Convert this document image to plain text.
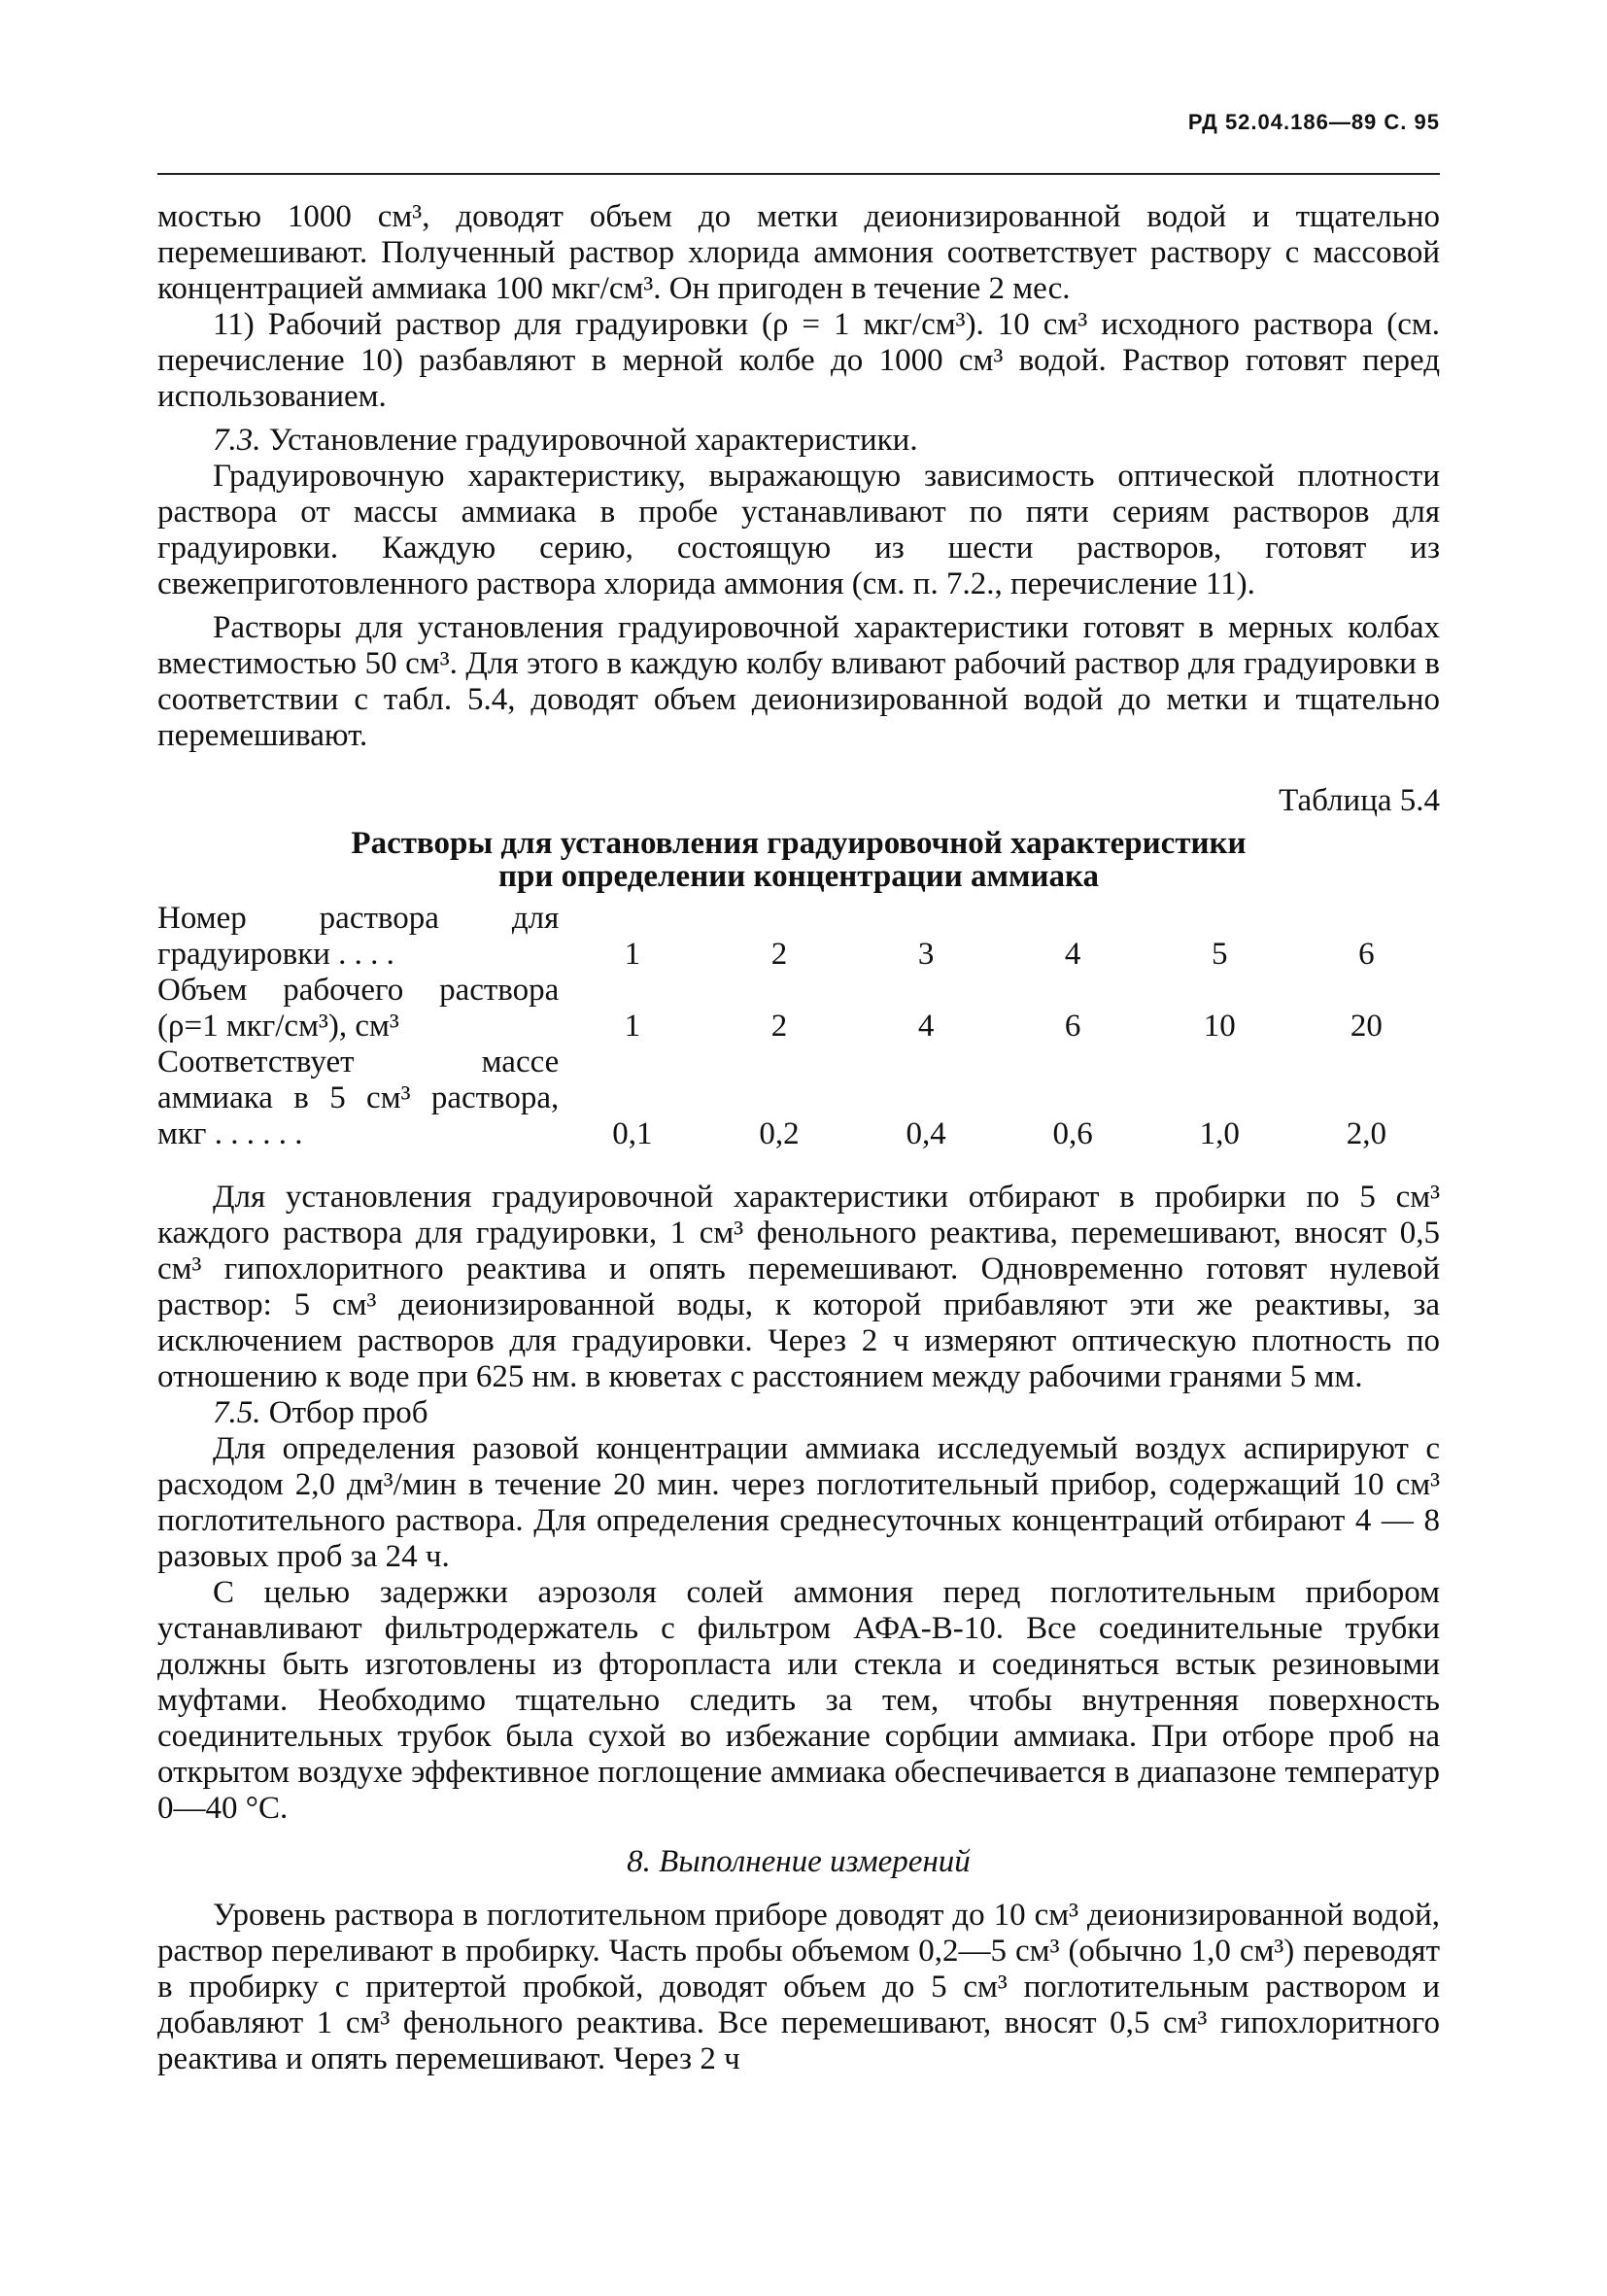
РД 52.04.186—89 С. 95

мостью 1000 см³, доводят объем до метки деионизированной водой и тщательно перемешивают. Полученный раствор хлорида аммония соответствует раствору с массовой концентрацией аммиака 100 мкг/см³. Он пригоден в течение 2 мес.

11) Рабочий раствор для градуировки (ρ = 1 мкг/см³). 10 см³ исходного раствора (см. перечисление 10) разбавляют в мерной колбе до 1000 см³ водой. Раствор готовят перед использованием.

7.3. Установление градуировочной характеристики.

Градуировочную характеристику, выражающую зависимость оптической плотности раствора от массы аммиака в пробе устанавливают по пяти сериям растворов для градуировки. Каждую серию, состоящую из шести растворов, готовят из свежеприготовленного раствора хлорида аммония (см. п. 7.2., перечисление 11).

Растворы для установления градуировочной характеристики готовят в мерных колбах вместимостью 50 см³. Для этого в каждую колбу вливают рабочий раствор для градуировки в соответствии с табл. 5.4, доводят объем деионизированной водой до метки и тщательно перемешивают.

Таблица 5.4

Растворы для установления градуировочной характеристики
при определении концентрации аммиака

Номер раствора для градуировки . . . .	1	2	3	4	5	6
Объем рабочего раствора (ρ=1 мкг/см³), см³	1	2	4	6	10	20
Соответствует массе аммиака в 5 см³ раствора, мкг . . . . . .	0,1	0,2	0,4	0,6	1,0	2,0

Для установления градуировочной характеристики отбирают в пробирки по 5 см³ каждого раствора для градуировки, 1 см³ фенольного реактива, перемешивают, вносят 0,5 см³ гипохлоритного реактива и опять перемешивают. Одновременно готовят нулевой раствор: 5 см³ деионизированной воды, к которой прибавляют эти же реактивы, за исключением растворов для градуировки. Через 2 ч измеряют оптическую плотность по отношению к воде при 625 нм. в кюветах с расстоянием между рабочими гранями 5 мм.

7.5. Отбор проб

Для определения разовой концентрации аммиака исследуемый воздух аспирируют с расходом 2,0 дм³/мин в течение 20 мин. через поглотительный прибор, содержащий 10 см³ поглотительного раствора. Для определения среднесуточных концентраций отбирают 4 — 8 разовых проб за 24 ч.

С целью задержки аэрозоля солей аммония перед поглотительным прибором устанавливают фильтродержатель с фильтром АФА-В-10. Все соединительные трубки должны быть изготовлены из фторопласта или стекла и соединяться встык резиновыми муфтами. Необходимо тщательно следить за тем, чтобы внутренняя поверхность соединительных трубок была сухой во избежание сорбции аммиака. При отборе проб на открытом воздухе эффективное поглощение аммиака обеспечивается в диапазоне температур 0—40 °С.

8. Выполнение измерений

Уровень раствора в поглотительном приборе доводят до 10 см³ деионизированной водой, раствор переливают в пробирку. Часть пробы объемом 0,2—5 см³ (обычно 1,0 см³) переводят в пробирку с притертой пробкой, доводят объем до 5 см³ поглотительным раствором и добавляют 1 см³ фенольного реактива. Все перемешивают, вносят 0,5 см³ гипохлоритного реактива и опять перемешивают. Через 2 ч
